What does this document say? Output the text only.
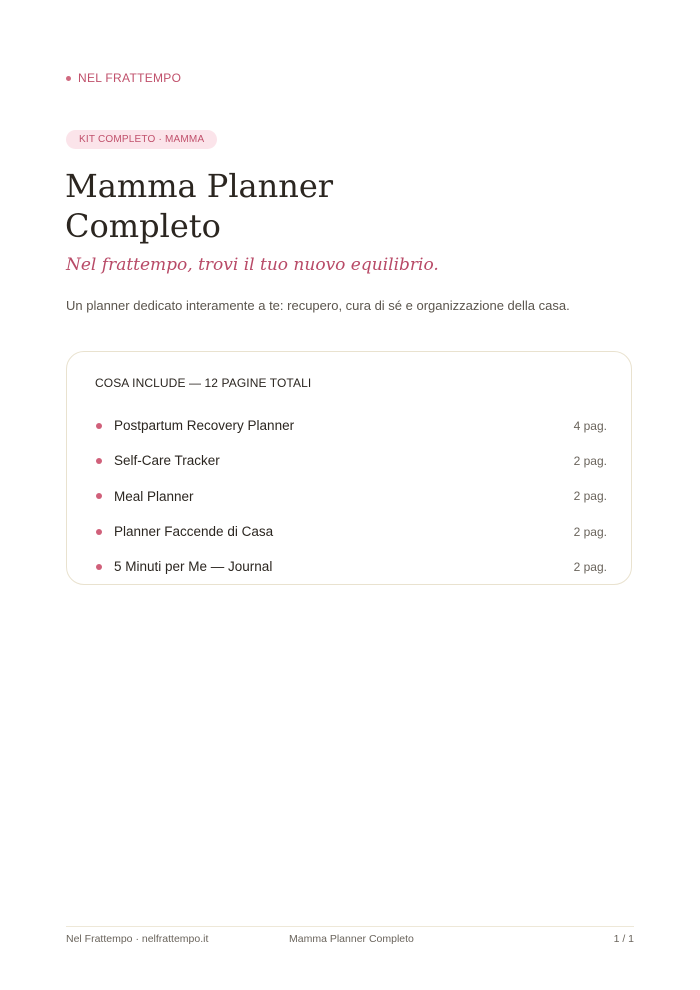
NEL FRATTEMPO
KIT COMPLETO · MAMMA
Mamma Planner
Completo

Nel frattempo, trovi il tuo nuovo equilibrio.

Un planner dedicato interamente a te: recupero, cura di sé e organizzazione della casa.

COSA INCLUDE — 12 PAGINE TOTALI
Postpartum Recovery Planner	4 pag.
Self-Care Tracker	2 pag.
Meal Planner	2 pag.
Planner Faccende di Casa	2 pag.
5 Minuti per Me — Journal	2 pag.
Nel Frattempo · nelfrattempo.it	Mamma Planner Completo	1 / 1
